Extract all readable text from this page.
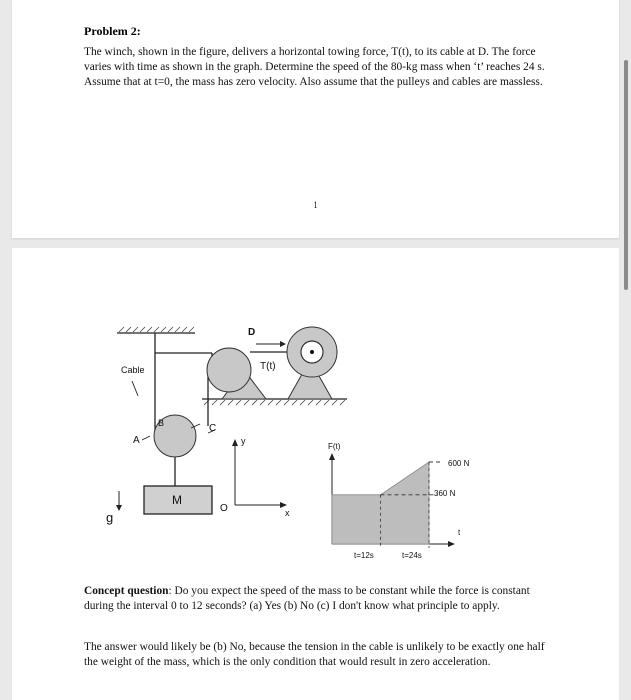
Problem 2:
The winch, shown in the figure, delivers a horizontal towing force, T(t), to its cable at D. The force varies with time as shown in the graph. Determine the speed of the 80-kg mass when ‘t’ reaches 24 s. Assume that at t=0, the mass has zero velocity. Also assume that the pulleys and cables are massless.
1
D
T(t)
Cable
B
A
C
y
x
O
M
g
F(t)
t
t=12s	t=24s
600 N
360 N
Concept question: Do you expect the speed of the mass to be constant while the force is constant during the interval 0 to 12 seconds? (a) Yes (b) No (c) I don't know what principle to apply.
The answer would likely be (b) No, because the tension in the cable is unlikely to be exactly one half the weight of the mass, which is the only condition that would result in zero acceleration.
